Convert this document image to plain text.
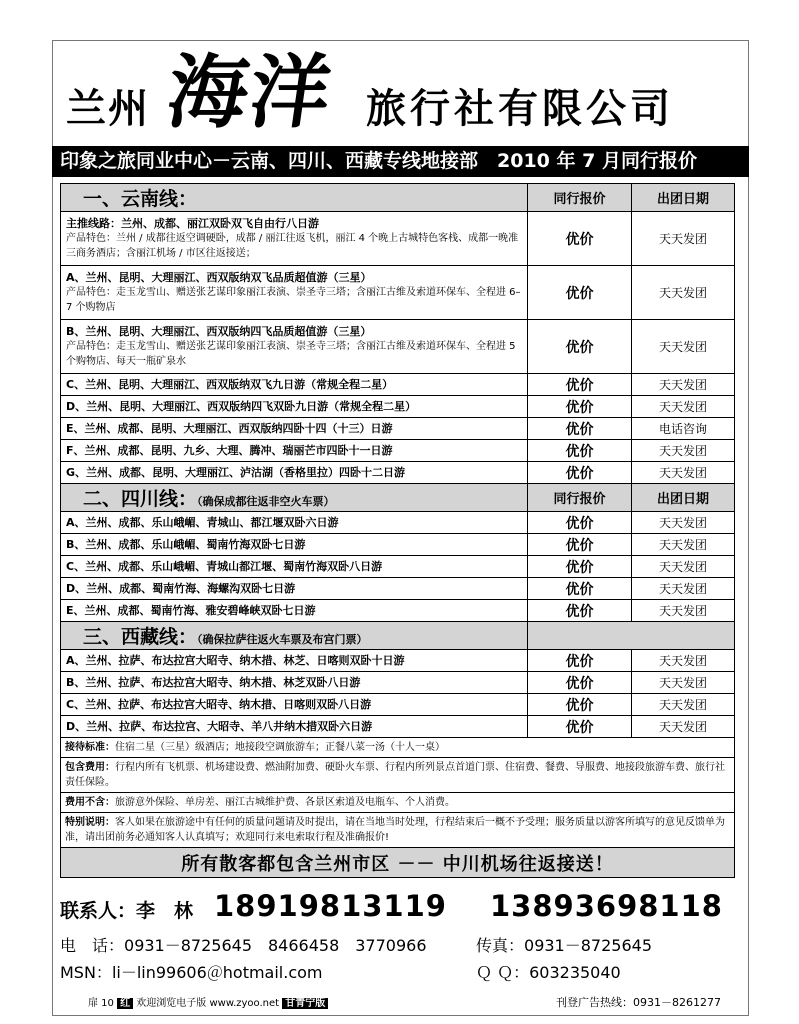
兰州 海洋 旅行社有限公司
印象之旅同业中心－云南、四川、西藏专线地接部　2010 年 7 月同行报价
一、云南线：	同行报价	出团日期

主推线路：兰州、成都、丽江双卧双飞自由行八日游
产品特色：兰州 / 成都往返空调硬卧，成都 / 丽江往返飞机，丽江 4 个晚上古城特色客栈、成都一晚准三商务酒店；含丽江机场 / 市区往返接送；	优价	天天发团

A、兰州、昆明、大理丽江、西双版纳双飞品质超值游（三星）
产品特色：走玉龙雪山、赠送张艺谋印象丽江表演、崇圣寺三塔；含丽江古维及索道环保车、全程进 6–7 个购物店	优价	天天发团

B、兰州、昆明、大理丽江、西双版纳四飞品质超值游（三星）
产品特色：走玉龙雪山、赠送张艺谋印象丽江表演、崇圣寺三塔；含丽江古维及索道环保车、全程进 5 个购物店、每天一瓶矿泉水	优价	天天发团

C、兰州、昆明、大理丽江、西双版纳双飞九日游（常规全程二星）	优价	天天发团

D、兰州、昆明、大理丽江、西双版纳四飞双卧九日游（常规全程二星）	优价	天天发团

E、兰州、成都、昆明、大理丽江、西双版纳四卧十四（十三）日游	优价	电话咨询

F、兰州、成都、昆明、九乡、大理、腾冲、瑞丽芒市四卧十一日游	优价	天天发团

G、兰州、成都、昆明、大理丽江、泸沽湖（香格里拉）四卧十二日游	优价	天天发团
二、四川线：（确保成都往返非空火车票）	同行报价	出团日期

A、兰州、成都、乐山峨嵋、青城山、都江堰双卧六日游	优价	天天发团

B、兰州、成都、乐山峨嵋、蜀南竹海双卧七日游	优价	天天发团

C、兰州、成都、乐山峨嵋、青城山都江堰、蜀南竹海双卧八日游	优价	天天发团

D、兰州、成都、蜀南竹海、海螺沟双卧七日游	优价	天天发团

E、兰州、成都、蜀南竹海、雅安碧峰峡双卧七日游	优价	天天发团
三、西藏线：（确保拉萨往返火车票及布宫门票）		

A、兰州、拉萨、布达拉宫大昭寺、纳木措、林芝、日喀则双卧十日游	优价	天天发团

B、兰州、拉萨、布达拉宫大昭寺、纳木措、林芝双卧八日游	优价	天天发团

C、兰州、拉萨、布达拉宫大昭寺、纳木措、日喀则双卧八日游	优价	天天发团

D、兰州、拉萨、布达拉宫、大昭寺、羊八井纳木措双卧六日游	优价	天天发团
接待标准：住宿二星（三星）级酒店；地接段空调旅游车；正餐八菜一汤（十人一桌）		
包含费用：行程内所有飞机票、机场建设费、燃油附加费、硬卧火车票、行程内所列景点首道门票、住宿费、餐费、导服费、地接段旅游车费、旅行社责任保险。		
费用不含：旅游意外保险、单房差、丽江古城维护费、各景区索道及电瓶车、个人消费。		
特别说明：客人如果在旅游途中有任何的质量问题请及时提出，请在当地当时处理，行程结束后一概不予受理；服务质量以游客所填写的意见反馈单为准，请出团前务必通知客人认真填写；欢迎同行来电索取行程及准确报价!		
所有散客都包含兰州市区 －－ 中川机场往返接送！		
联系人：李　林 18919813119 13893698118
电　话：0931－8725645　8466458　3770966	传真：0931－8725645
MSN：li－lin99606＠hotmail.com	Ｑ Ｑ：603235040
扉 10 红 欢迎浏览电子版 www.zyoo.net 甘青宁版	刊登广告热线：0931－8261277
